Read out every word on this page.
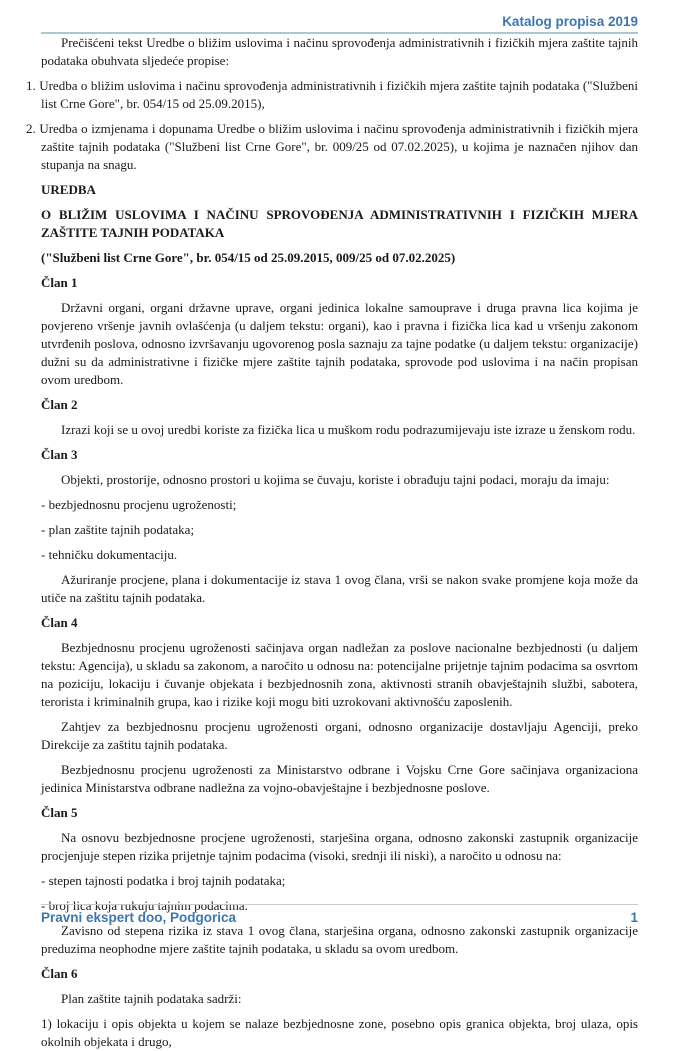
Katalog propisa 2019

Prečišćeni tekst Uredbe o bližim uslovima i načinu sprovođenja administrativnih i fizičkih mjera zaštite tajnih podataka obuhvata sljedeće propise:

1. Uredba o bližim uslovima i načinu sprovođenja administrativnih i fizičkih mjera zaštite tajnih podataka ("Službeni list Crne Gore", br. 054/15 od 25.09.2015),

2. Uredba o izmjenama i dopunama Uredbe o bližim uslovima i načinu sprovođenja administrativnih i fizičkih mjera zaštite tajnih podataka ("Službeni list Crne Gore", br. 009/25 od 07.02.2025), u kojima je naznačen njihov dan stupanja na snagu.

UREDBA

O BLIŽIM USLOVIMA I NAČINU SPROVOĐENJA ADMINISTRATIVNIH I FIZIČKIH MJERA ZAŠTITE TAJNIH PODATAKA

("Službeni list Crne Gore", br. 054/15 od 25.09.2015, 009/25 od 07.02.2025)

Član 1

Državni organi, organi državne uprave, organi jedinica lokalne samouprave i druga pravna lica kojima je povjereno vršenje javnih ovlašćenja (u daljem tekstu: organi), kao i pravna i fizička lica kad u vršenju zakonom utvrđenih poslova, odnosno izvršavanju ugovorenog posla saznaju za tajne podatke (u daljem tekstu: organizacije) dužni su da administrativne i fizičke mjere zaštite tajnih podataka, sprovode pod uslovima i na način propisan ovom uredbom.

Član 2

Izrazi koji se u ovoj uredbi koriste za fizička lica u muškom rodu podrazumijevaju iste izraze u ženskom rodu.

Član 3

Objekti, prostorije, odnosno prostori u kojima se čuvaju, koriste i obrađuju tajni podaci, moraju da imaju:

- bezbjednosnu procjenu ugroženosti;

- plan zaštite tajnih podataka;

- tehničku dokumentaciju.

Ažuriranje procjene, plana i dokumentacije iz stava 1 ovog člana, vrši se nakon svake promjene koja može da utiče na zaštitu tajnih podataka.

Član 4

Bezbjednosnu procjenu ugroženosti sačinjava organ nadležan za poslove nacionalne bezbjednosti (u daljem tekstu: Agencija), u skladu sa zakonom, a naročito u odnosu na: potencijalne prijetnje tajnim podacima sa osvrtom na poziciju, lokaciju i čuvanje objekata i bezbjednosnih zona, aktivnosti stranih obavještajnih službi, sabotera, terorista i kriminalnih grupa, kao i rizike koji mogu biti uzrokovani aktivnošću zaposlenih.

Zahtjev za bezbjednosnu procjenu ugroženosti organi, odnosno organizacije dostavljaju Agenciji, preko Direkcije za zaštitu tajnih podataka.

Bezbjednosnu procjenu ugroženosti za Ministarstvo odbrane i Vojsku Crne Gore sačinjava organizaciona jedinica Ministarstva odbrane nadležna za vojno-obavještajne i bezbjednosne poslove.

Član 5

Na osnovu bezbjednosne procjene ugroženosti, starješina organa, odnosno zakonski zastupnik organizacije procjenjuje stepen rizika prijetnje tajnim podacima (visoki, srednji ili niski), a naročito u odnosu na:

- stepen tajnosti podatka i broj tajnih podataka;

- broj lica koja rukuju tajnim podacima.

Zavisno od stepena rizika iz stava 1 ovog člana, starješina organa, odnosno zakonski zastupnik organizacije preduzima neophodne mjere zaštite tajnih podataka, u skladu sa ovom uredbom.

Član 6

Plan zaštite tajnih podataka sadrži:

1) lokaciju i opis objekta u kojem se nalaze bezbjednosne zone, posebno opis granica objekta, broj ulaza, opis okolnih objekata i drugo,

Pravni ekspert doo, Podgorica	1
